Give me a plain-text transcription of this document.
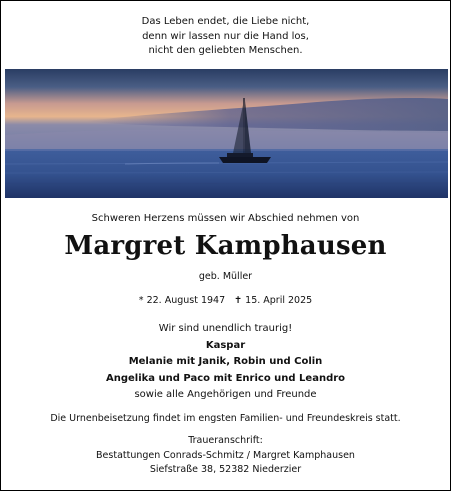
Das Leben endet, die Liebe nicht,
denn wir lassen nur die Hand los,
nicht den geliebten Menschen.
Schweren Herzens müssen wir Abschied nehmen von
Margret Kamphausen
geb. Müller
* 22. August 1947 ✝ 15. April 2025
Wir sind unendlich traurig!
Kaspar
Melanie mit Janik, Robin und Colin
Angelika und Paco mit Enrico und Leandro
sowie alle Angehörigen und Freunde
Die Urnenbeisetzung findet im engsten Familien- und Freundeskreis statt.
Traueranschrift:
Bestattungen Conrads-Schmitz / Margret Kamphausen
Siefstraße 38, 52382 Niederzier
